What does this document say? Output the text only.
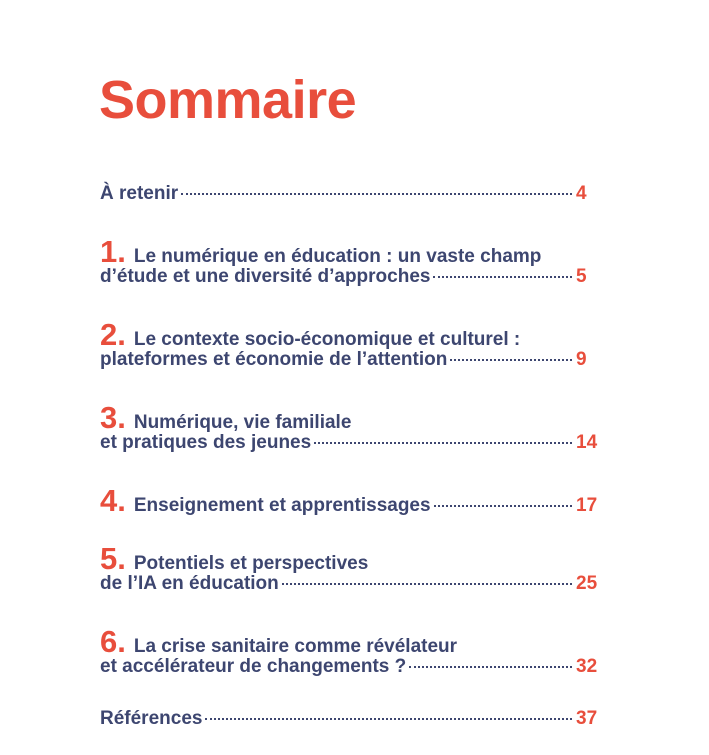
Sommaire
À retenir	4
1. Le numérique en éducation : un vaste champ
d’étude et une diversité d’approches	5
2. Le contexte socio-économique et culturel :
plateformes et économie de l’attention	9
3. Numérique, vie familiale
et pratiques des jeunes	14
4. Enseignement et apprentissages	17
5. Potentiels et perspectives
de l’IA en éducation	25
6. La crise sanitaire comme révélateur
et accélérateur de changements ?	32
Références	37
